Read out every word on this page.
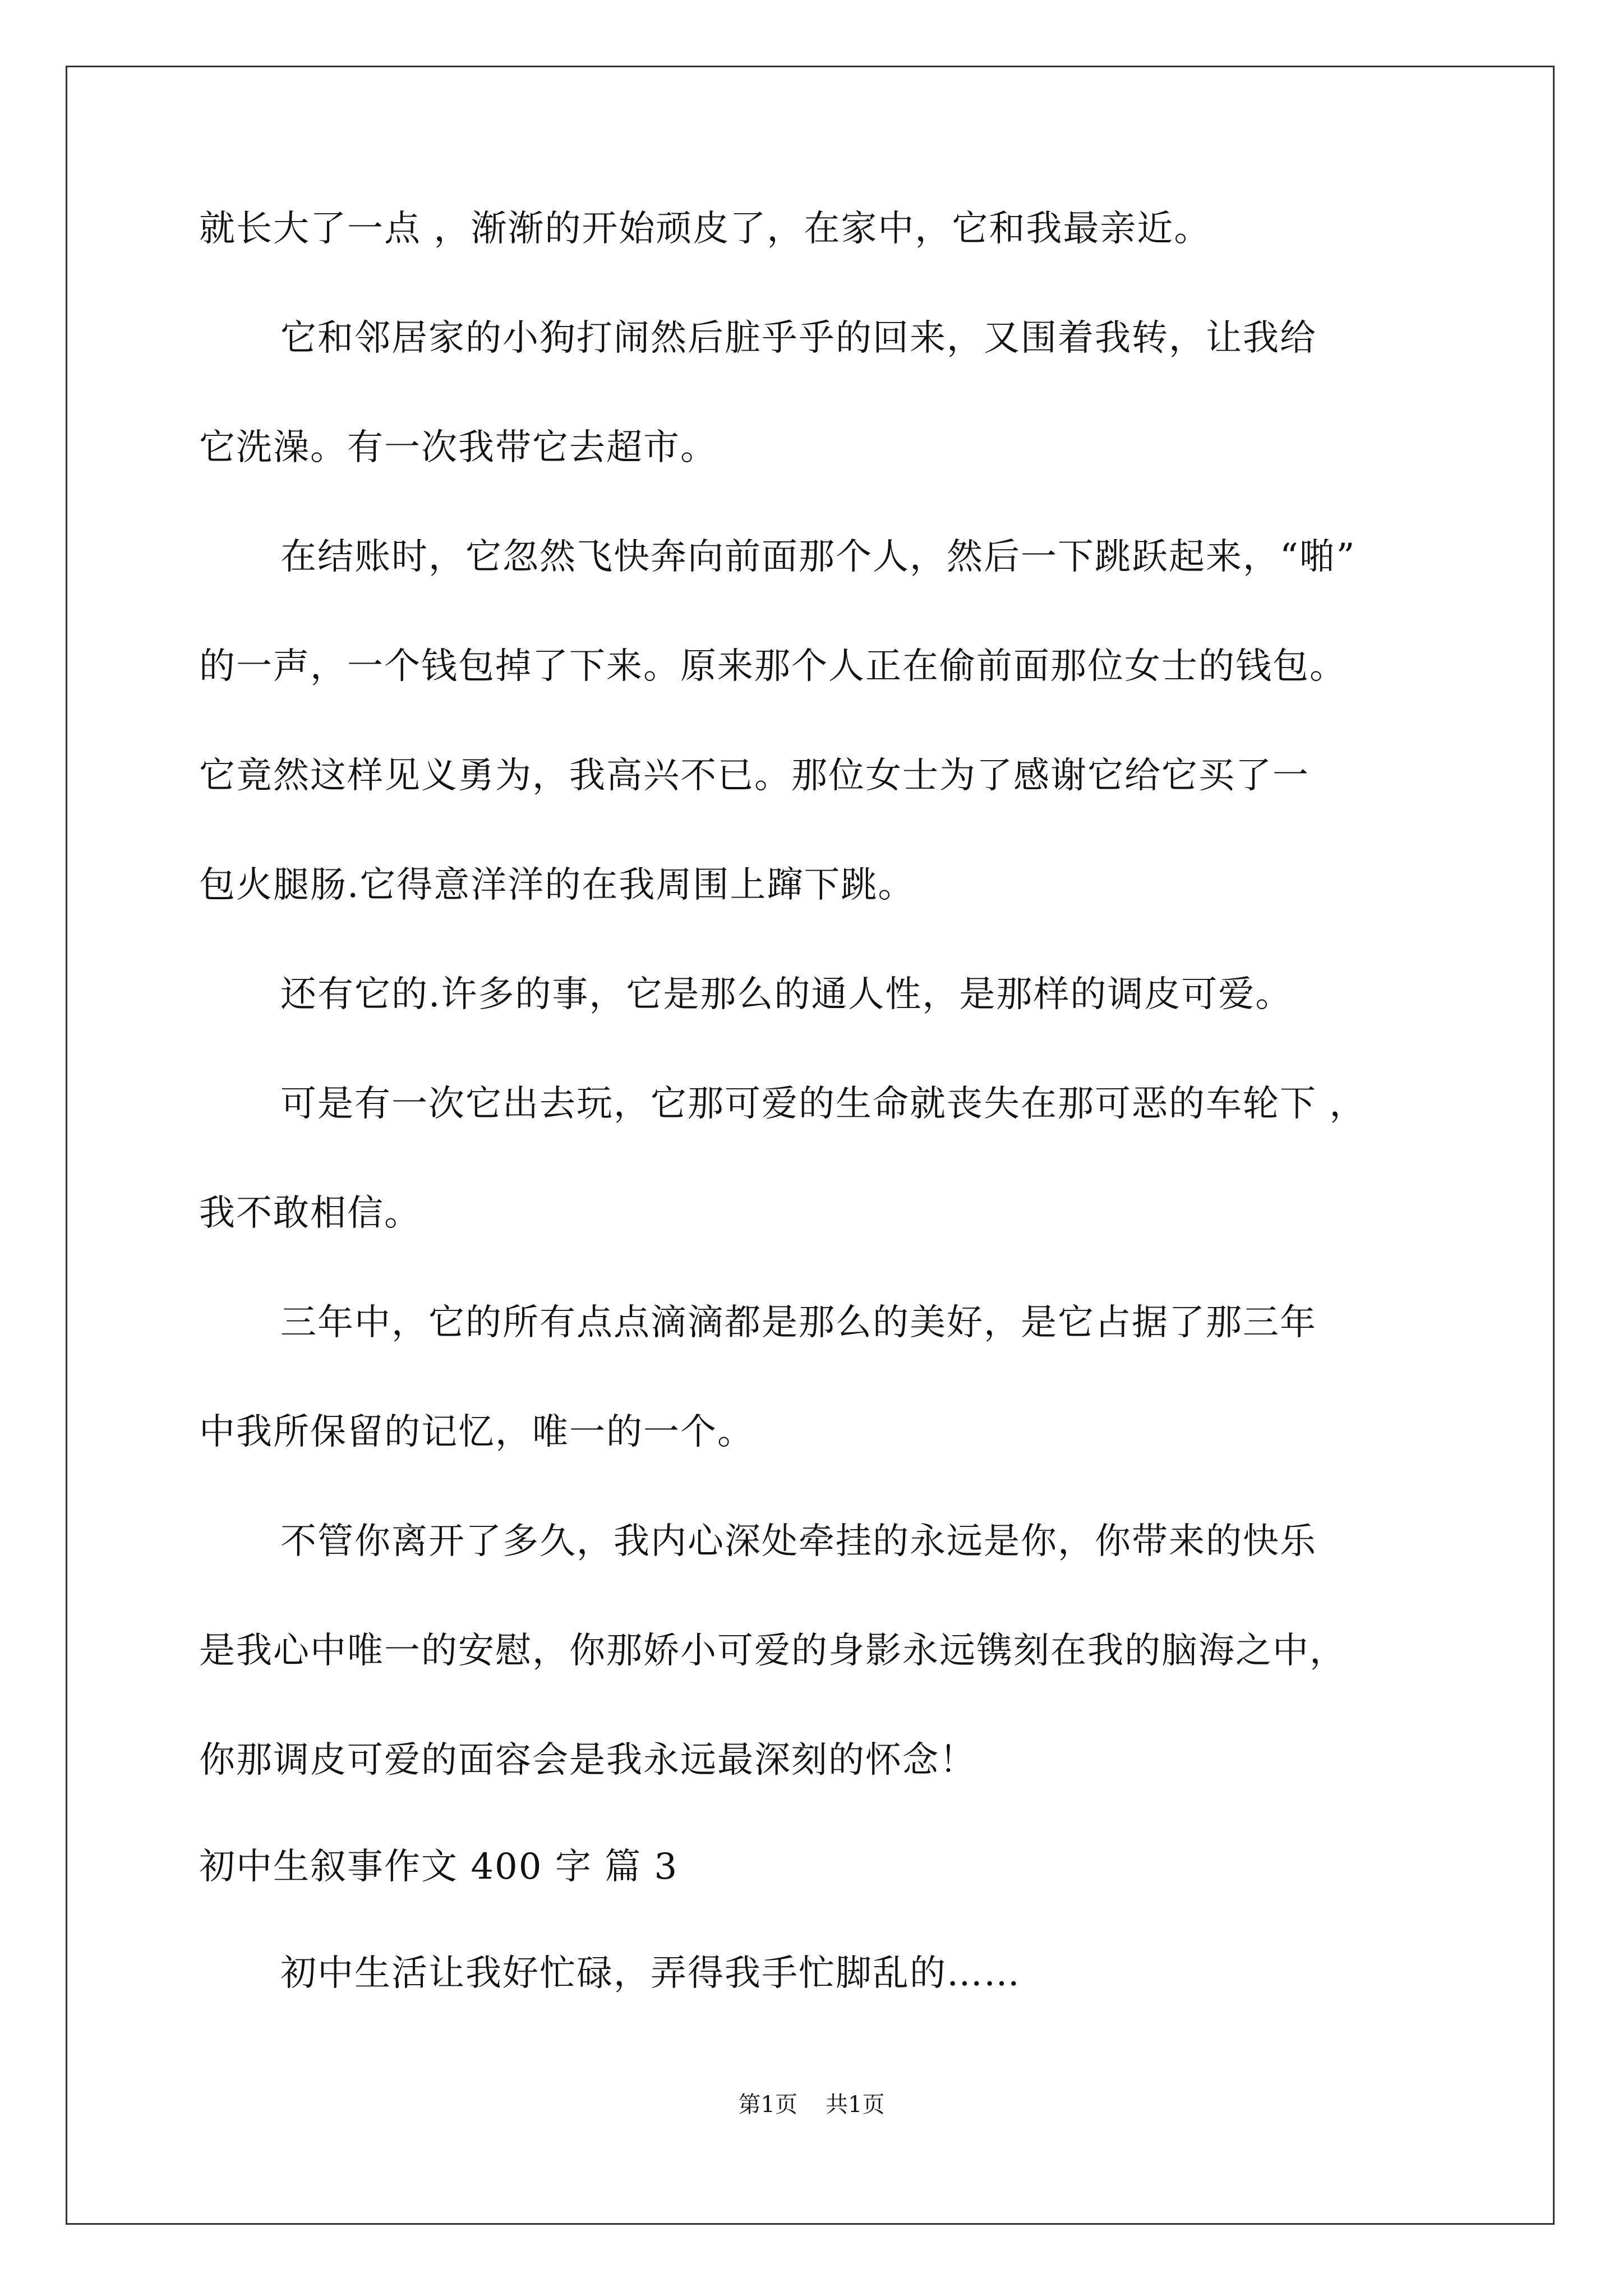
就长大了一点 ，渐渐的开始顽皮了，在家中，它和我最亲近。
它和邻居家的小狗打闹然后脏乎乎的回来，又围着我转，让我给
它洗澡。有一次我带它去超市。
在结账时，它忽然飞快奔向前面那个人，然后一下跳跃起来，“啪”
的一声，一个钱包掉了下来。原来那个人正在偷前面那位女士的钱包。
它竟然这样见义勇为，我高兴不已。那位女士为了感谢它给它买了一
包火腿肠.它得意洋洋的在我周围上蹿下跳。
还有它的.许多的事，它是那么的通人性，是那样的调皮可爱。
可是有一次它出去玩，它那可爱的生命就丧失在那可恶的车轮下 ，
我不敢相信。
三年中，它的所有点点滴滴都是那么的美好，是它占据了那三年
中我所保留的记忆，唯一的一个。
不管你离开了多久，我内心深处牵挂的永远是你，你带来的快乐
是我心中唯一的安慰，你那娇小可爱的身影永远镌刻在我的脑海之中，
你那调皮可爱的面容会是我永远最深刻的怀念！
初中生叙事作文 400 字 篇 3
初中生活让我好忙碌，弄得我手忙脚乱的……
第1页 共1页
